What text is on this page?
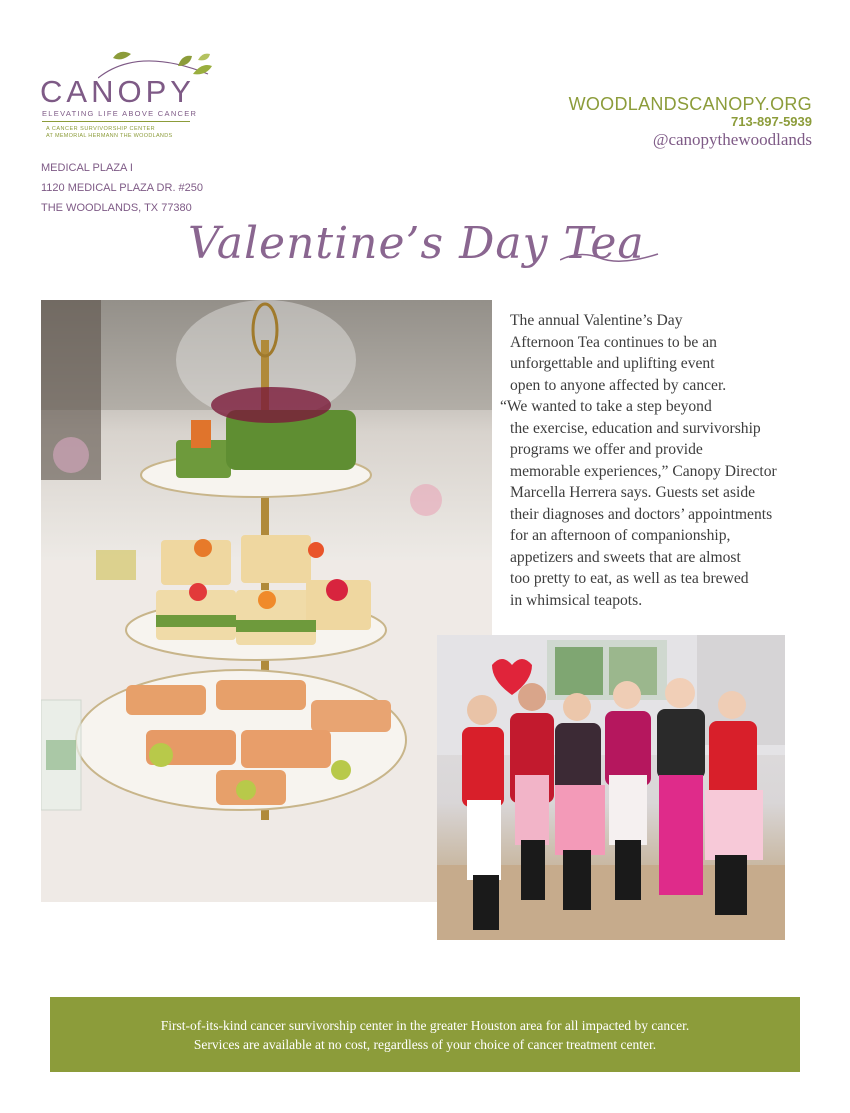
CANOPY
ELEVATING LIFE ABOVE CANCER
A CANCER SURVIVORSHIP CENTER
AT MEMORIAL HERMANN THE WOODLANDS
MEDICAL PLAZA I
1120 MEDICAL PLAZA DR. #250
THE WOODLANDS, TX 77380
WOODLANDSCANOPY.ORG
713-897-5939
@canopythewoodlands
Valentine’s Day Tea
The annual Valentine’s Day
Afternoon Tea continues to be an
unforgettable and uplifting event
open to anyone affected by cancer.
“We wanted to take a step beyond
the exercise, education and survivorship
programs we offer and provide
memorable experiences,” Canopy Director
Marcella Herrera says. Guests set aside
their diagnoses and doctors’ appointments
for an afternoon of companionship,
appetizers and sweets that are almost
too pretty to eat, as well as tea brewed
in whimsical teapots.
First-of-its-kind cancer survivorship center in the greater Houston area for all impacted by cancer.
Services are available at no cost, regardless of your choice of cancer treatment center.
